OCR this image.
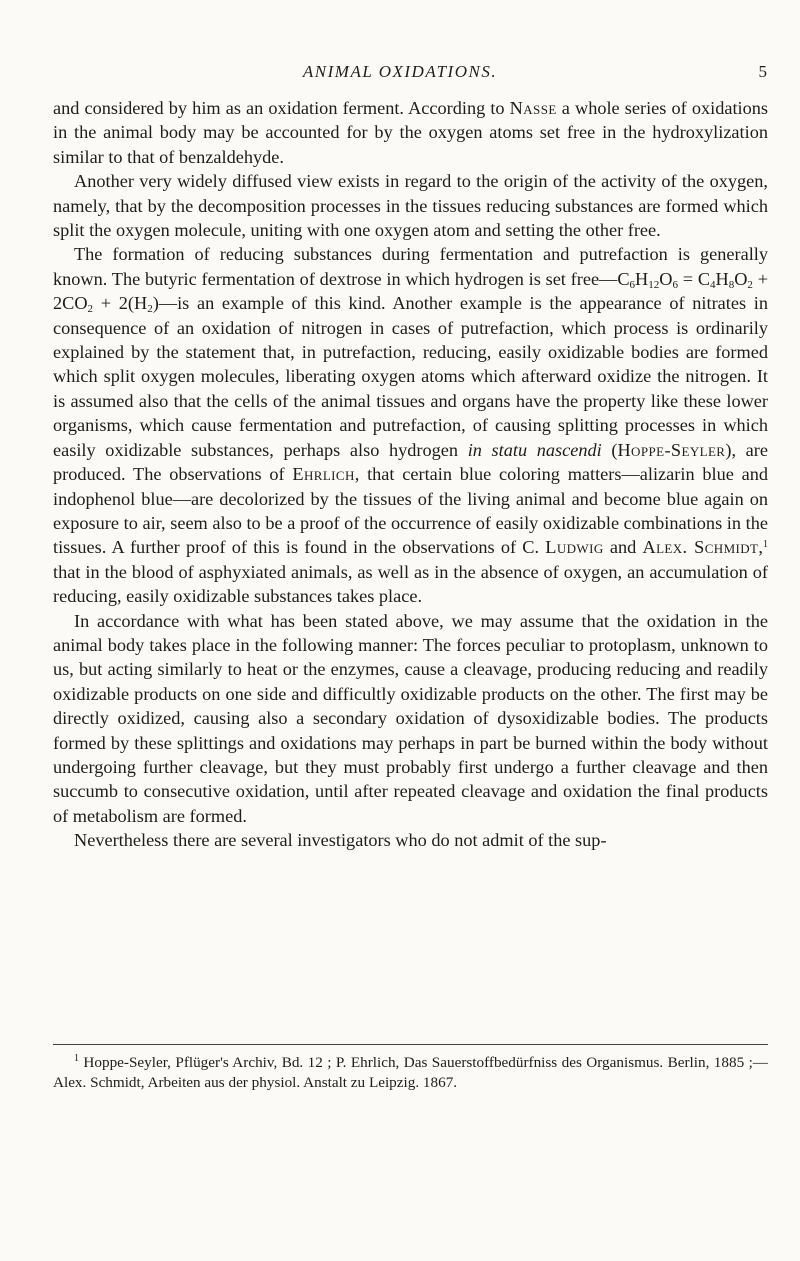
ANIMAL OXIDATIONS.	5

and considered by him as an oxidation ferment. According to Nasse a whole series of oxidations in the animal body may be accounted for by the oxygen atoms set free in the hydroxylization similar to that of benzaldehyde.

Another very widely diffused view exists in regard to the origin of the activity of the oxygen, namely, that by the decomposition processes in the tissues reducing substances are formed which split the oxygen molecule, uniting with one oxygen atom and setting the other free.

The formation of reducing substances during fermentation and putrefaction is generally known. The butyric fermentation of dextrose in which hydrogen is set $free—C_6H_{12}O_6 = C_4H_8O_2 + 2CO_2$ + $2(H_2)—is$ an example of this kind. Another example is the appearance of nitrates in consequence of an oxidation of nitrogen in cases of putrefaction, which process is ordinarily explained by the statement that, in putrefaction, reducing, easily oxidizable bodies are formed which split oxygen molecules, liberating oxygen atoms which afterward oxidize the nitrogen. It is assumed also that the cells of the animal tissues and organs have the property like these lower organisms, which cause fermentation and putrefaction, of causing splitting processes in which easily oxidizable substances, perhaps also hydrogen in statu nascendi (Hoppe-Seyler), are produced. The observations of Ehrlich, that certain blue coloring matters—alizarin blue and indophenol blue—are decolorized by the tissues of the living animal and become blue again on exposure to air, seem also to be a proof of the occurrence of easily oxidizable combinations in the tissues. A further proof of this is found in the observations of C. Ludwig and Alex. Schmidt,$^1$ that in the blood of asphyxiated animals, as well as in the absence of oxygen, an accumulation of reducing, easily oxidizable substances takes place.

In accordance with what has been stated above, we may assume that the oxidation in the animal body takes place in the following manner: The forces peculiar to protoplasm, unknown to us, but acting similarly to heat or the enzymes, cause a cleavage, producing reducing and readily oxidizable products on one side and difficultly oxidizable products on the other. The first may be directly oxidized, causing also a secondary oxidation of dysoxidizable bodies. The products formed by these splittings and oxidations may perhaps in part be burned within the body without undergoing further cleavage, but they must probably first undergo a further cleavage and then succumb to consecutive oxidation, until after repeated cleavage and oxidation the final products of metabolism are formed.

Nevertheless there are several investigators who do not admit of the sup-

$^1$ Hoppe-Seyler, Pflüger's Archiv, Bd. 12 ; P. Ehrlich, Das Sauerstoffbedürfniss des Organismus. Berlin, 1885 ;—Alex. Schmidt, Arbeiten aus der physiol. Anstalt zu Leipzig. 1867.
